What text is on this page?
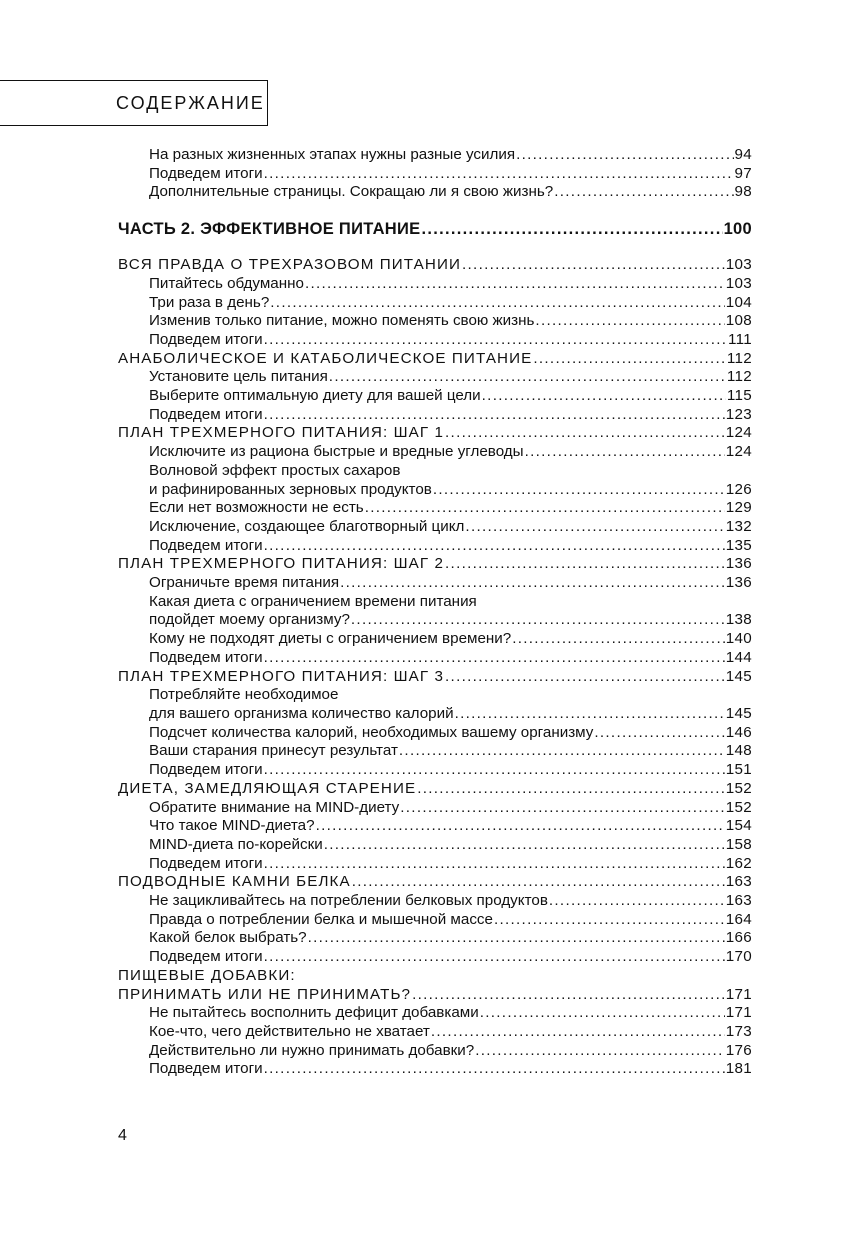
СОДЕРЖАНИЕ
На разных жизненных этапах нужны разные усилия .....	94
Подведем итоги .....	97
Дополнительные страницы. Сокращаю ли я свою жизнь? .....	98
ЧАСТЬ 2. ЭФФЕКТИВНОЕ ПИТАНИЕ .....	100
ВСЯ ПРАВДА О ТРЕХРАЗОВОМ ПИТАНИИ .....	103
Питайтесь обдуманно .....	103
Три раза в день? .....	104
Изменив только питание, можно поменять свою жизнь .....	108
Подведем итоги .....	111
АНАБОЛИЧЕСКОЕ И КАТАБОЛИЧЕСКОЕ ПИТАНИЕ .....	112
Установите цель питания .....	112
Выберите оптимальную диету для вашей цели .....	115
Подведем итоги .....	123
ПЛАН ТРЕХМЕРНОГО ПИТАНИЯ: ШАГ 1 .....	124
Исключите из рациона быстрые и вредные углеводы .....	124
Волновой эффект простых сахаров
и рафинированных зерновых продуктов .....	126
Если нет возможности не есть .....	129
Исключение, создающее благотворный цикл .....	132
Подведем итоги .....	135
ПЛАН ТРЕХМЕРНОГО ПИТАНИЯ: ШАГ 2 .....	136
Ограничьте время питания .....	136
Какая диета с ограничением времени питания
подойдет моему организму? .....	138
Кому не подходят диеты с ограничением времени? .....	140
Подведем итоги .....	144
ПЛАН ТРЕХМЕРНОГО ПИТАНИЯ: ШАГ 3 .....	145
Потребляйте необходимое
для вашего организма количество калорий .....	145
Подсчет количества калорий, необходимых вашему организму .....	146
Ваши старания принесут результат .....	148
Подведем итоги .....	151
ДИЕТА, ЗАМЕДЛЯЮЩАЯ СТАРЕНИЕ .....	152
Обратите внимание на MIND-диету .....	152
Что такое MIND-диета? .....	154
MIND-диета по-корейски .....	158
Подведем итоги .....	162
ПОДВОДНЫЕ КАМНИ БЕЛКА .....	163
Не зацикливайтесь на потреблении белковых продуктов .....	163
Правда о потреблении белка и мышечной массе .....	164
Какой белок выбрать? .....	166
Подведем итоги .....	170
ПИЩЕВЫЕ ДОБАВКИ:
ПРИНИМАТЬ ИЛИ НЕ ПРИНИМАТЬ? .....	171
Не пытайтесь восполнить дефицит добавками .....	171
Кое-что, чего действительно не хватает .....	173
Действительно ли нужно принимать добавки? .....	176
Подведем итоги .....	181
4
